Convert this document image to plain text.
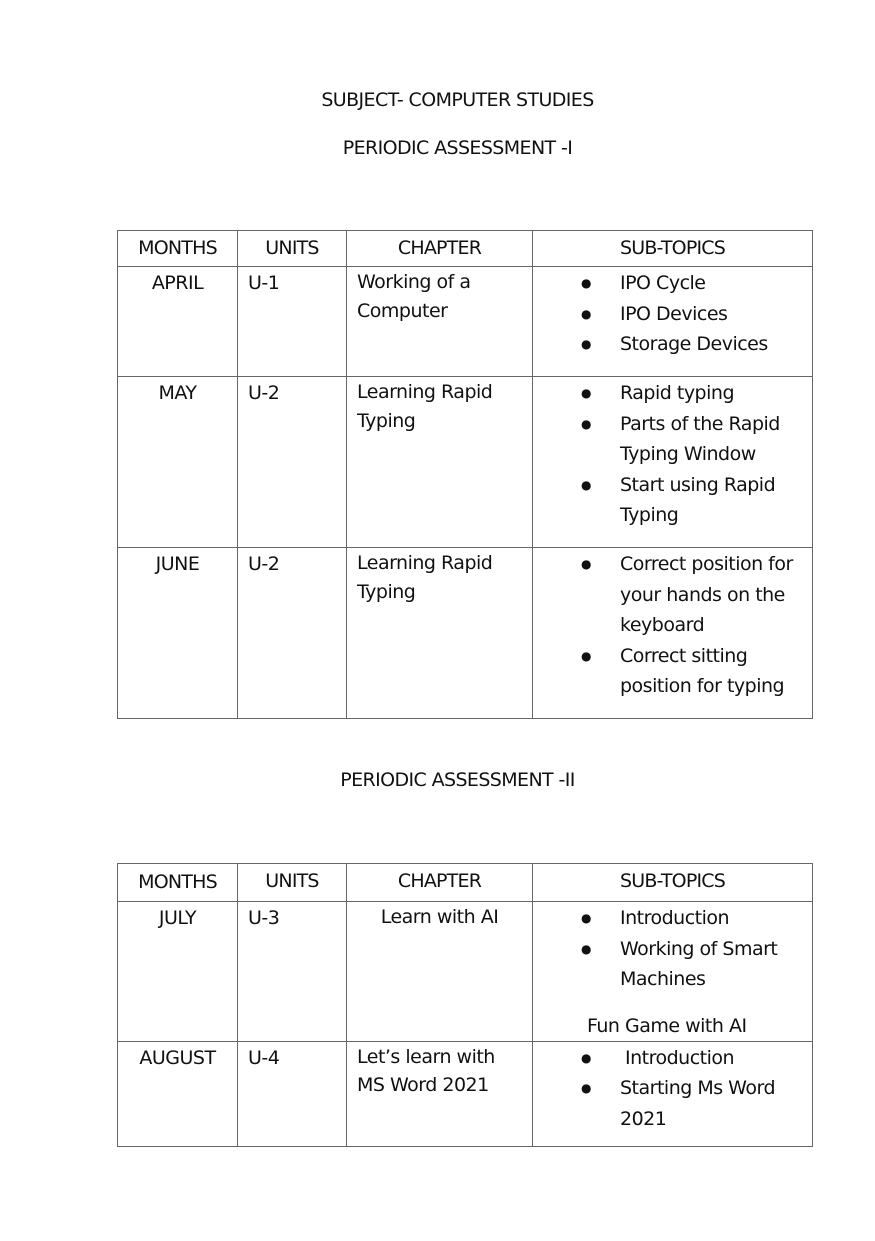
SUBJECT- COMPUTER STUDIES
PERIODIC ASSESSMENT -I
MONTHS	UNITS	CHAPTER	SUB-TOPICS
APRIL	U-1	Working of a Computer	
● IPO Cycle
● IPO Devices
● Storage Devices

MAY	U-2	Learning Rapid Typing	
● Rapid typing
● Parts of the Rapid Typing Window
● Start using Rapid Typing

JUNE	U-2	Learning Rapid Typing	
● Correct position for your hands on the keyboard
● Correct sitting position for typing
PERIODIC ASSESSMENT -II
MONTHS	UNITS	CHAPTER	SUB-TOPICS
JULY	U-3	Learn with AI	
●Introduction
● Working of Smart Machines
Fun Game with AI

AUGUST	U-4	Let’s learn with MS Word 2021	
● Introduction
● Starting Ms Word 2021
